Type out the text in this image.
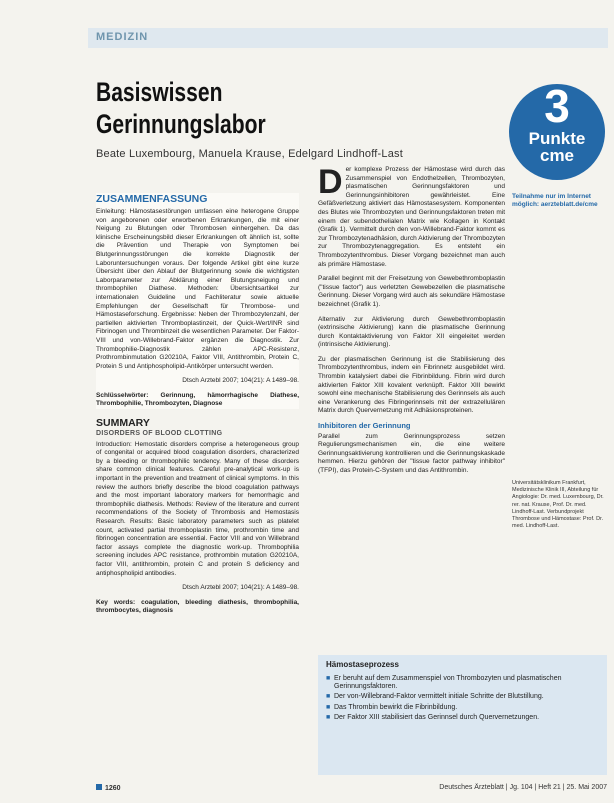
MEDIZIN
Basiswissen
Gerinnungslabor
Beate Luxembourg, Manuela Krause, Edelgard Lindhoff-Last
3
Punkte
cme
Teilnahme nur im Internet möglich: aerzteblatt.de/cme
ZUSAMMENFASSUNG

Einleitung: Hämostasestörungen umfassen eine heterogene Gruppe von angeborenen oder erworbenen Erkrankungen, die mit einer Neigung zu Blutungen oder Thrombosen einhergehen. Da das klinische Erscheinungsbild dieser Erkrankungen oft ähnlich ist, sollte die Prävention und Therapie von Symptomen bei Blutgerinnungsstörungen die korrekte Diagnostik der Laboruntersuchungen voraus. Der folgende Artikel gibt eine kurze Übersicht über den Ablauf der Blutgerinnung sowie die wichtigsten Laborparameter zur Abklärung einer Blutungsneigung und thrombophilen Diathese. Methoden: Übersichtsartikel zur internationalen Guideline und Fachliteratur sowie aktuelle Empfehlungen der Gesellschaft für Thrombose- und Hämostaseforschung. Ergebnisse: Neben der Thrombozytenzahl, der partiellen aktivierten Thromboplastinzeit, der Quick-Wert/INR sind Fibrinogen und Thrombinzeit die wesentlichen Parameter. Der Faktor-VIII und von-Willebrand-Faktor ergänzen die Diagnostik. Zur Thrombophilie-Diagnostik zählen APC-Resistenz, Prothrombinmutation G20210A, Faktor VIII, Antithrombin, Protein C, Protein S und Antiphospholipid-Antikörper untersucht werden.

Dtsch Arztebl 2007; 104(21): A 1489–98.

Schlüsselwörter: Gerinnung, hämorrhagische Diathese, Thrombophilie, Thrombozyten, Diagnose

SUMMARY
DISORDERS OF BLOOD CLOTTING

Introduction: Hemostatic disorders comprise a heterogeneous group of congenital or acquired blood coagulation disorders, characterized by a bleeding or thrombophilic tendency. Many of these disorders share common clinical features. Careful pre-analytical work-up is important in the prevention and treatment of clinical symptoms. In this review the authors briefly describe the blood coagulation pathways and the most important laboratory markers for hemorrhagic and thrombophilic diathesis. Methods: Review of the literature and current recommendations of the Society of Thrombosis and Hemostasis Research. Results: Basic laboratory parameters such as platelet count, activated partial thromboplastin time, prothrombin time and fibrinogen concentration are essential. Factor VIII and von Willebrand factor assays complete the diagnostic work-up. Thrombophilia screening includes APC resistance, prothrombin mutation G20210A, factor VIII, antithrombin, protein C and protein S deficiency and antiphospholipid antibodies.

Dtsch Arztebl 2007; 104(21): A 1489–98.

Key words: coagulation, bleeding diathesis, thrombophilia, thrombocytes, diagnosis

Der komplexe Prozess der Hämostase wird durch das Zusammenspiel von Endothelzellen, Thrombozyten, plasmatischen Gerinnungsfaktoren und Gerinnungsinhibitoren gewährleistet. Eine Gefäßverletzung aktiviert das Hämostasesystem. Komponenten des Blutes wie Thrombozyten und Gerinnungsfaktoren treten mit einem der subendothelialen Matrix wie Kollagen in Kontakt (Grafik 1). Vermittelt durch den von-Willebrand-Faktor kommt es zur Thrombozytenadhäsion, durch Aktivierung der Thrombozyten zur Thrombozytenaggregation. Es entsteht ein Thrombozytenthrombus. Dieser Vorgang bezeichnet man auch als primäre Hämostase.

Parallel beginnt mit der Freisetzung von Gewebethromboplastin ("tissue factor") aus verletzten Gewebezellen die plasmatische Gerinnung. Dieser Vorgang wird auch als sekundäre Hämostase bezeichnet (Grafik 1).

Alternativ zur Aktivierung durch Gewebethromboplastin (extrinsische Aktivierung) kann die plasmatische Gerinnung durch Kontaktaktivierung von Faktor XII eingeleitet werden (intrinsische Aktivierung).

Zu der plasmatischen Gerinnung ist die Stabilisierung des Thrombozytenthrombus, indem ein Fibrinnetz ausgebildet wird. Thrombin katalysiert dabei die Fibrinbildung. Fibrin wird durch aktivierten Faktor XIII kovalent verknüpft. Faktor XIII bewirkt sowohl eine mechanische Stabilisierung des Gerinnsels als auch eine Verankerung des Fibringerinnsels mit der extrazellulären Matrix durch Quervernetzung mit Adhäsionsproteinen.

Inhibitoren der Gerinnung

Parallel zum Gerinnungsprozess setzen Regulierungsmechanismen ein, die eine weitere Gerinnungsaktivierung kontrollieren und die Gerinnungskaskade hemmen. Hierzu gehören der "tissue factor pathway inhibitor" (TFPI), das Protein-C-System und das Antithrombin.

Universitätsklinikum Frankfurt, Medizinische Klinik III, Abteilung für Angiologie: Dr. med. Luxembourg, Dr. rer. nat. Krause, Prof. Dr. med. Lindhoff-Last. Verbundprojekt Thrombose und Hämostase: Prof. Dr. med. Lindhoff-Last.
Hämostaseprozess
■ Er beruht auf dem Zusammenspiel von Thrombozyten und plasmatischen Gerinnungsfaktoren.
■ Der von-Willebrand-Faktor vermittelt initiale Schritte der Blutstillung.
■ Das Thrombin bewirkt die Fibrinbildung.
■ Der Faktor XIII stabilisiert das Gerinnsel durch Quervernetzungen.
1260	Deutsches Ärzteblatt | Jg. 104 | Heft 21 | 25. Mai 2007
